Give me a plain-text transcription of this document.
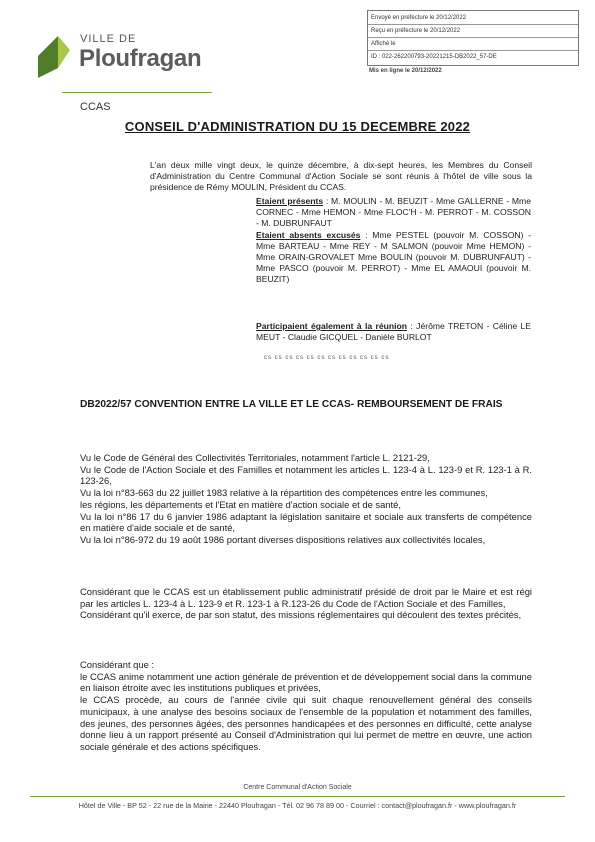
VILLE DE
Ploufragan
Envoyé en préfecture le 20/12/2022
Reçu en préfecture le 20/12/2022
Affiché le
ID : 022-262200793-20221215-DB2022_57-DE
Mis en ligne le 20/12/2022
CCAS
CONSEIL D'ADMINISTRATION DU 15 DECEMBRE 2022
L'an deux mille vingt deux, le quinze décembre, à dix-sept heures, les Membres du Conseil d'Administration du Centre Communal d'Action Sociale se sont réunis à l'hôtel de ville sous la présidence de Rémy MOULIN, Président du CCAS.
Etaient présents : M. MOULIN - M. BEUZIT - Mme GALLERNE - Mme CORNEC - Mme HEMON - Mme FLOC'H - M. PERROT - M. COSSON - M. DUBRUNFAUT
Etaient absents excusés : Mme PESTEL (pouvoir M. COSSON) - Mme BARTEAU - Mme REY - M SALMON (pouvoir Mme HEMON) - Mme ORAIN-GROVALET Mme BOULIN (pouvoir M. DUBRUNFAUT) - Mme PASCO (pouvoir M. PERROT) - Mme EL AMAOUI (pouvoir M. BEUZIT)
Participaient également à la réunion : Jérôme TRETON - Céline LE MEUT - Claudie GICQUEL - Danièle BURLOT
cs cs cs cs cs cs cs cs cs cs cs cs
DB2022/57 CONVENTION ENTRE LA VILLE ET LE CCAS- REMBOURSEMENT DE FRAIS
Vu le Code de Général des Collectivités Territoriales, notamment l'article L. 2121-29,
Vu le Code de l'Action Sociale et des Familles et notamment les articles L. 123-4 à L. 123-9 et R. 123-1 à R. 123-26,
Vu la loi n°83-663 du 22 juillet 1983 relative à la répartition des compétences entre les communes,
les régions, les départements et l'Etat en matière d'action sociale et de santé,
Vu la loi n°86 17 du 6 janvier 1986 adaptant la législation sanitaire et sociale aux transferts de compétence en matière d'aide sociale et de santé,
Vu la loi n°86-972 du 19 août 1986 portant diverses dispositions relatives aux collectivités locales,
Considérant que le CCAS est un établissement public administratif présidé de droit par le Maire et est régi par les articles L. 123-4 à L. 123-9 et R. 123-1 à R.123-26 du Code de l'Action Sociale et des Familles,
Considérant qu'il exerce, de par son statut, des missions réglementaires qui découlent des textes précités,
Considérant que :
le CCAS anime notamment une action générale de prévention et de développement social dans la commune en liaison étroite avec les institutions publiques et privées,
le CCAS procède, au cours de l'année civile qui suit chaque renouvellement général des conseils municipaux, à une analyse des besoins sociaux de l'ensemble de la population et notamment des familles, des jeunes, des personnes âgées, des personnes handicapées et des personnes en difficulté, cette analyse donne lieu à un rapport présenté au Conseil d'Administration qui lui permet de mettre en œuvre, une action sociale générale et des actions spécifiques.
Centre Communal d'Action Sociale
Hôtel de Ville - BP 52 - 22 rue de la Mairie - 22440 Ploufragan - Tél. 02 96 78 89 00 - Courriel : contact@ploufragan.fr - www.ploufragan.fr
